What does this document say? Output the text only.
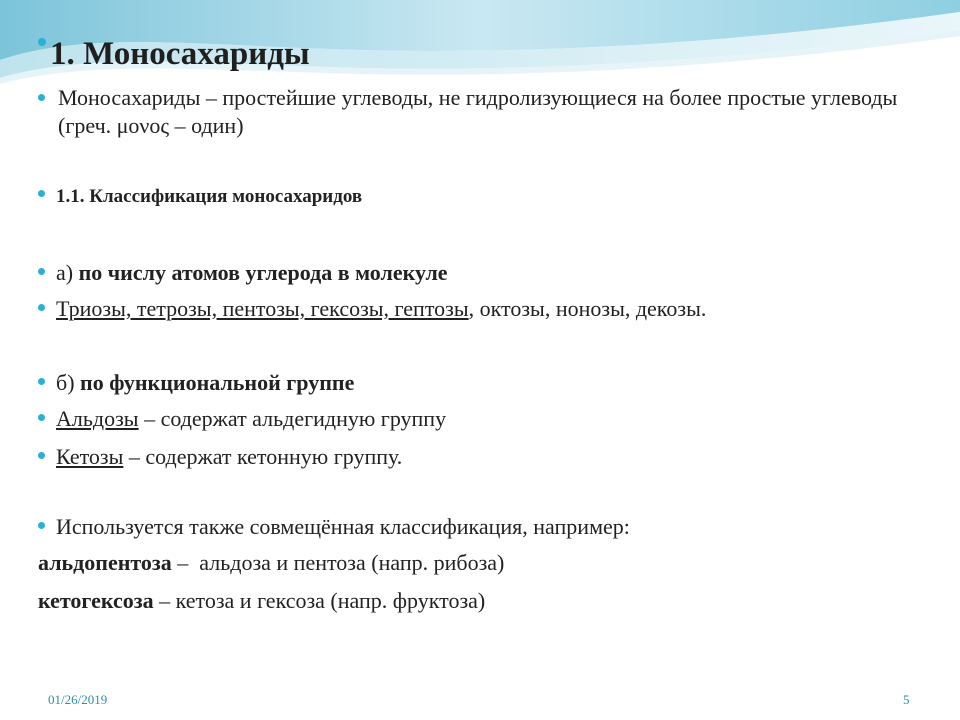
1. Моносахариды
Моносахариды – простейшие углеводы, не гидролизующиеся на более простые углеводы (греч. μονος – один)
1.1. Классификация моносахаридов
а) по числу атомов углерода в молекуле
Триозы, тетрозы, пентозы, гексозы, гептозы , октозы, нонозы, декозы.
б) по функциональной группе
Альдозы – содержат альдегидную группу
Кетозы – содержат кетонную группу.
Используется также совмещённая классификация, например:
альдопентоза –  альдоза и пентоза (напр. рибоза)
кетогексоза – кетоза и гексоза (напр. фруктоза)
01/26/2019	5
